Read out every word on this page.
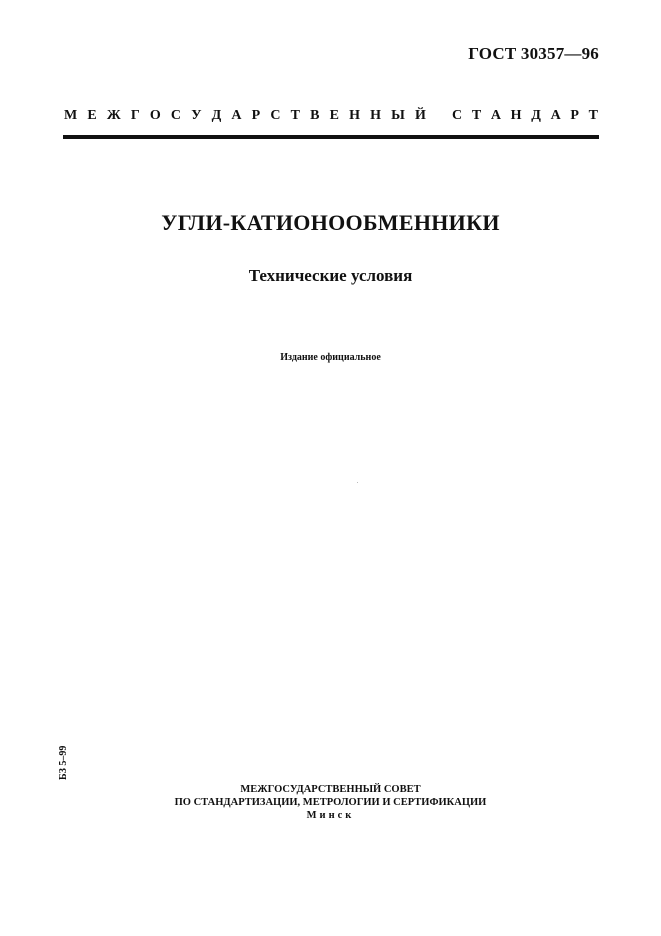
ГОСТ 30357—96
М Е Ж Г О С У Д А Р С Т В Е Н Н Ы Й С Т А Н Д А Р Т
УГЛИ-КАТИОНООБМЕННИКИ
Технические условия
Издание официальное
БЗ 5–99
МЕЖГОСУДАРСТВЕННЫЙ СОВЕТ
ПО СТАНДАРТИЗАЦИИ, МЕТРОЛОГИИ И СЕРТИФИКАЦИИ
Минск
